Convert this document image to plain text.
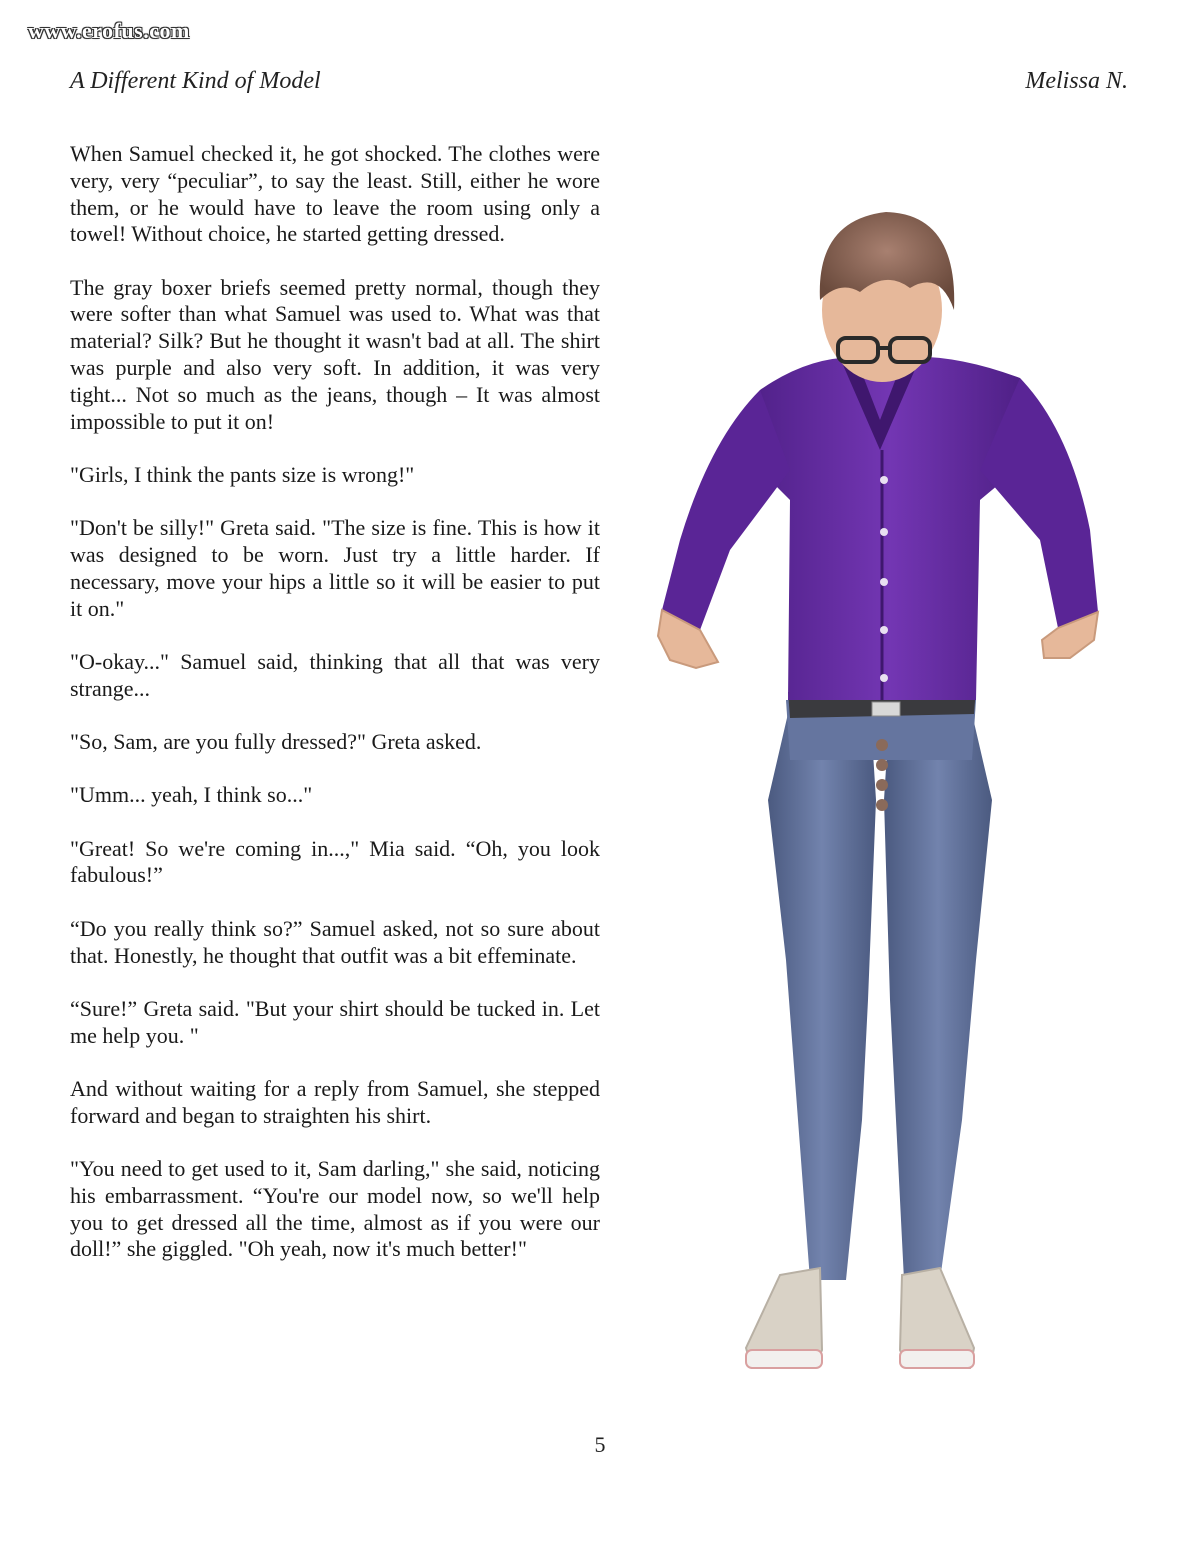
www.erofus.com
A Different Kind of Model	Melissa N.

When Samuel checked it, he got shocked. The clothes were very, very “peculiar”, to say the least. Still, either he wore them, or he would have to leave the room using only a towel! Without choice, he started getting dressed.

The gray boxer briefs seemed pretty normal, though they were softer than what Samuel was used to. What was that material? Silk? But he thought it wasn't bad at all. The shirt was purple and also very soft. In addition, it was very tight... Not so much as the jeans, though – It was almost impossible to put it on!

"Girls, I think the pants size is wrong!"

"Don't be silly!" Greta said. "The size is fine. This is how it was designed to be worn. Just try a little harder. If necessary, move your hips a little so it will be easier to put it on."

"O-okay..." Samuel said, thinking that all that was very strange...

"So, Sam, are you fully dressed?" Greta asked.

"Umm... yeah, I think so..."

"Great! So we're coming in...," Mia said. “Oh, you look fabulous!”

“Do you really think so?” Samuel asked, not so sure about that. Honestly, he thought that outfit was a bit effeminate.

“Sure!” Greta said. "But your shirt should be tucked in. Let me help you. "

And without waiting for a reply from Samuel, she stepped forward and began to straighten his shirt.

"You need to get used to it, Sam darling," she said, noticing his embarrassment. “You're our model now, so we'll help you to get dressed all the time, almost as if you were our doll!” she giggled. "Oh yeah, now it's much better!"

5
